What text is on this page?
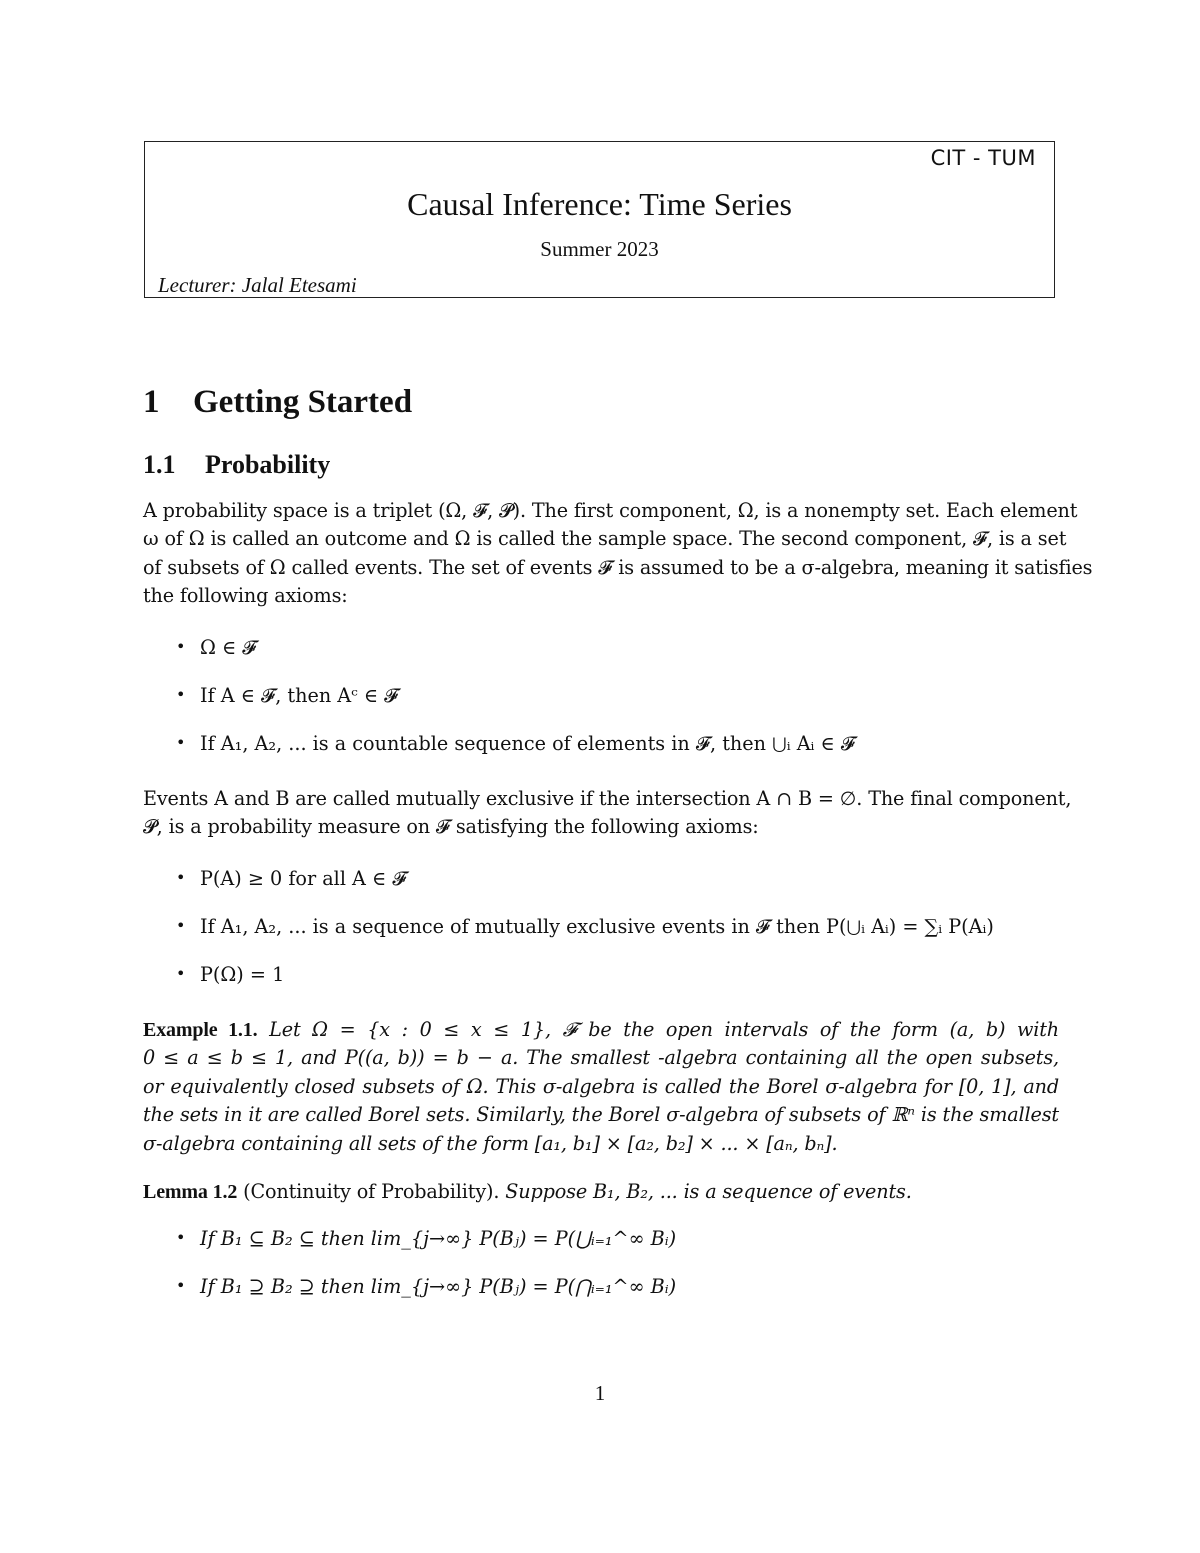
CIT - TUM
Causal Inference: Time Series
Summer 2023
Lecturer: Jalal Etesami
1 Getting Started
1.1 Probability
A probability space is a triplet (Ω, 𝓕, 𝓟). The first component, Ω, is a nonempty set. Each element
ω of Ω is called an outcome and Ω is called the sample space. The second component, 𝓕, is a set
of subsets of Ω called events. The set of events 𝓕 is assumed to be a σ-algebra, meaning it satisfies
the following axioms:
• Ω ∈ 𝓕
• If A ∈ 𝓕, then Aᶜ ∈ 𝓕
• If A₁, A₂, ... is a countable sequence of elements in 𝓕, then ⋃ᵢ Aᵢ ∈ 𝓕
Events A and B are called mutually exclusive if the intersection A ∩ B = ∅. The final component,
𝓟, is a probability measure on 𝓕 satisfying the following axioms:
• P(A) ≥ 0 for all A ∈ 𝓕
• If A₁, A₂, ... is a sequence of mutually exclusive events in 𝓕 then P(⋃ᵢ Aᵢ) = ∑ᵢ P(Aᵢ)
• P(Ω) = 1
Example 1.1. Let Ω = {x : 0 ≤ x ≤ 1}, 𝓕 be the open intervals of the form (a, b) with
0 ≤ a ≤ b ≤ 1, and P((a, b)) = b − a. The smallest -algebra containing all the open subsets,
or equivalently closed subsets of Ω. This σ-algebra is called the Borel σ-algebra for [0, 1], and
the sets in it are called Borel sets. Similarly, the Borel σ-algebra of subsets of ℝⁿ is the smallest
σ-algebra containing all sets of the form [a₁, b₁] × [a₂, b₂] × ... × [aₙ, bₙ].
Lemma 1.2 (Continuity of Probability). Suppose B₁, B₂, ... is a sequence of events.
• If B₁ ⊆ B₂ ⊆ then lim_{j→∞} P(Bⱼ) = P(⋃ᵢ₌₁^∞ Bᵢ)
• If B₁ ⊇ B₂ ⊇ then lim_{j→∞} P(Bⱼ) = P(⋂ᵢ₌₁^∞ Bᵢ)
1
